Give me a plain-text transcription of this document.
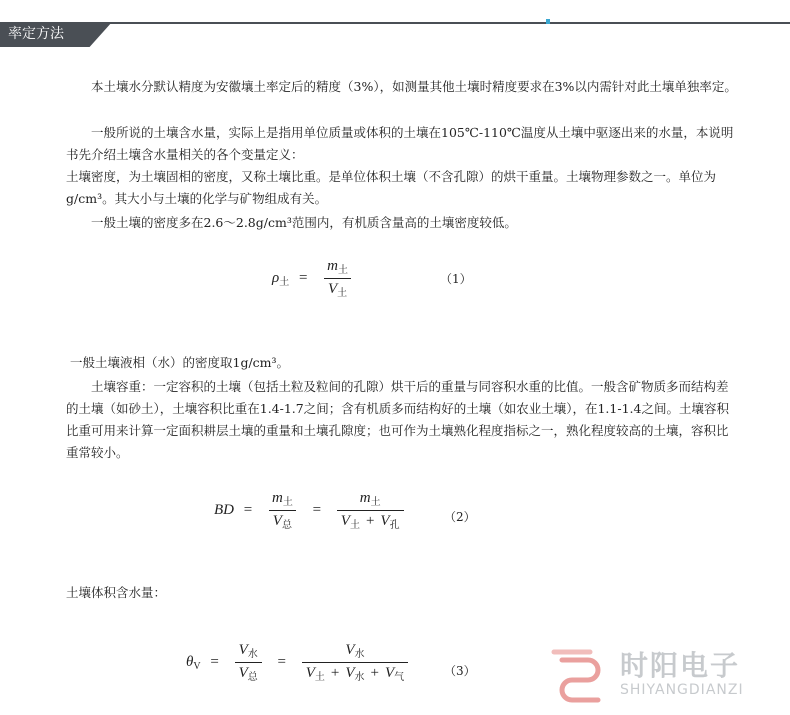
率定方法

本土壤水分默认精度为安徽壤土率定后的精度（3%），如测量其他土壤时精度要求在3%以内需针对此土壤单独率定。

一般所说的土壤含水量，实际上是指用单位质量或体积的土壤在105℃-110℃温度从土壤中驱逐出来的水量，本说明书先介绍土壤含水量相关的各个变量定义：

土壤密度，为土壤固相的密度，又称土壤比重。是单位体积土壤（不含孔隙）的烘干重量。土壤物理参数之一。单位为g/cm³。其大小与土壤的化学与矿物组成有关。

一般土壤的密度多在2.6～2.8g/cm³范围内，有机质含量高的土壤密度较低。

$\rho_土 = \frac{m_土}{V_土}$	（1）

一般土壤液相（水）的密度取1g/cm³。

土壤容重：一定容积的土壤（包括土粒及粒间的孔隙）烘干后的重量与同容积水重的比值。一般含矿物质多而结构差的土壤（如砂土），土壤容积比重在1.4-1.7之间；含有机质多而结构好的土壤（如农业土壤），在1.1-1.4之间。土壤容积比重可用来计算一定面积耕层土壤的重量和土壤孔隙度；也可作为土壤熟化程度指标之一，熟化程度较高的土壤，容积比重常较小。

BD = $\frac{m_土}{V_总} = \frac{m_土}{V_土 + V_孔}$	（2）

土壤体积含水量：

$\theta_V = \frac{V_水}{V_总} = \frac{V_水}{V_土 + V_水 + V_气}$	（3）	时阳电子
SHIYANGDIANZI
